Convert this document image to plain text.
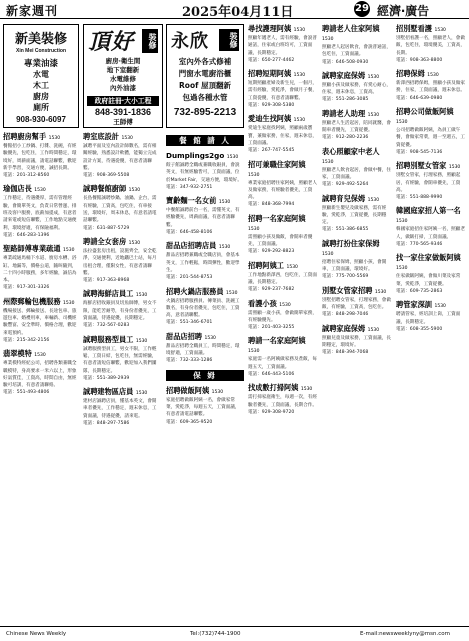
新家週刊	2025年04月11日	29 經濟‧廣告
新美裝修
Xin Mei Construction
專業油漆
水電
木工
廚房
廁所
908-930-6097
頂好	裝修
廚房‧衛生間
地下室翻新
水電維修
內外油漆
政府註冊‧大小工程
848-391-1836
王師傅
永欣	裝修
室內外各式修補
門窗水電廚浴櫃
Roof 屋頂翻新
包過各種水管
732-895-2213
招聘廚房幫手 1530
餐館招小工炒鍋、打雜、洗碗，有經驗優先，包吃住，工作時間穩定，環境好，周薪面議，請電話聯繫，歡迎新手學習，交通方便，誠招長期。
電話：201-312-8560
瑜伽店長 1530
工作穩定，待遇優厚，需有管理經驗，會簡單英文，負責日常營運、排班及客戶服務，底薪加提成，有意者請來電或短信聯繫，工作地點交通便利，環境舒適，有保險福利。
電話：646-283-1396
聖路師傅專業疏通 1530
專業疏通馬桶下水道、廚房水槽、浴缸、地漏等，價格公道，隨叫隨到，二十四小時服務，多年經驗，誠信為本。
電話：917-301-3326
州際郵輪包機服務 1530
機場接送、郵輪接送、長途包車、旅遊包車、婚禮用車，車輛新、司機經驗豐富、安全準時、價格合理，歡迎來電預約。
電話：215-342-2156
翡翠模特 1530
專業模特經紀公司，招聘各類兼職全職模特，身高要求一米六以上，形象好氣質佳，工資高，時間自由，無經驗可培訓，有意者請聯絡。
電話：551-493-4806
聘室底設計 1530
誠聘平面及室內設計師數名，需有相關經驗，熟悉設計軟體，能獨立完成設計方案，待遇從優，有意者請聯繫。
電話：908-369-5508
誠聘餐館廚師 1530
長島餐館誠聘炒鍋、油鍋、企台，需有經驗，工資高，包吃住，有車接送，環境好，周末休息，有意者請電話聯繫。
電話：631-887-5729
聘請全女套房 1530
法拉盛套房出租，設施齊全，安全乾淨，交通便利，近地鐵巴士站，每月房租合理，僅限女性，有意者請聯繫。
電話：917-363-8968
誠聘海鮮店員工 1530
海鮮店招收銀員及切魚師傅，男女不限，能吃苦耐勞，有身份者優先，工資面議，待遇從優，長期穩定。
電話：732-567-0283
誠聘服務型員工 1530
誠聘服務型員工，男女不限，工作輕鬆，工資日結，包吃住，無需經驗，有意者請短信聯繫，歡迎加入我們團隊，長期穩定。
電話：551-389-2939
誠聘建物區店員 1530
建材店誠聘店員，懂基本英文，會開車者優先，工作穩定，週末休息，工資面議，待遇從優，請來電。
電話：848-297-7586
餐 館 請 人
Dumplings2go 1530
餃子館誠聘全職或兼職收銀員，會說英文，有無經驗皆可，工資面議，位於Market Fair，交通方便，環境好。
電話：347-932-2751
寶齡麵一名女前 1530
中餐館誠聘前台一名，需懂英文，有經驗優先，周薪面議，有意者請聯繫。
電話：646-458-8106
甜品店招聘店員 1530
甜品店招聘兼職或全職店員，會基本英文，工作輕鬆，時間彈性，歡迎學生。
電話：201-544-8753
招聘火鍋店服務員 1530
火鍋店招聘服務員、傳菜員、洗碗工數名，有身份者優先，包吃住，工資高，意者請聯繫。
電話：551-346-6701
甜品店招聘 1530
甜品店招聘全職員工，時間穩定，環境舒適，工資面議。
電話：732-333-1286
保 姆
招聘做飯阿姨 1530
家庭招聘做飯阿姨一名，會做家常菜，愛乾淨，每週五天，工資面議，有意者請電話聯繫。
電話：609-365-9520
尋找護理阿姨 1530
照顧年邁老人，需有經驗，會說普通話，住家或白班均可，工資面議，長期穩定。
電話：650-277-4462
招聘短期阿姨 1530
短期照顧產婦及新生兒，一個月，需有經驗，愛乾淨，會做月子餐，工資從優，有意者請聯繫。
電話：929-308-5380
愛迪生找阿姨 1530
愛迪生家庭找阿姨，照顧兩歲寶寶，兼做家務，住家，週末休息，工資面議。
電話：267-747-5545
招可兼職住家阿姨 1530
專業家庭招聘住家阿姨，照顧老人及做家務，有經驗者優先，工資高。
電話：848-368-7994
招聘一名家庭阿姨 1530
需照顧小孩及做飯，會開車者優先，工資面議。
電話：929-292-8823
招聘阿姨工 1530
工作地點新澤西，包吃住，工資面議，長期穩定。
電話：929-237-7682
看護小孩 1530
需照顧一歲小孩，會做簡單家務，有經驗優先。
電話：201-403-3255
聘請一名家庭阿姨 1530
家庭需一名阿姨做家務及煮飯，每週五天，工資面議。
電話：646-443-5106
找成數打掃阿姨 1530
需打掃家庭衛生，每週一次，有經驗者優先，工資面議，長期合作。
電話：929-308-9720
聘請老人住家阿姨 1530
照顧老人起居飲食，會說普通話，包吃住，工資面議。
電話：646-508-0930
誠聘家庭保姆 1530
照顧小孩及做家務，有愛心耐心，住家，週末休息，工資高。
電話：551-286-3085
聘請老人助理 1530
照顧老人生活起居，陪同就醫，會開車者優先，工資從優。
電話：912-280-2236
表心照顧家中老人 1530
照顧老人飲食起居，會做中餐，住家，工資面議。
電話：929-492-5264
誠聘育兒保姆 1530
照顧新生嬰兒及做家務，需有經驗，愛乾淨，工資從優，長期穩定。
電話：551-386-6855
誠聘打扮住家保姆 1530
招聘住家保姆，照顧小孩，會開車，工資面議，環境好。
電話：775-700-5569
別墅女管家招聘 1530
別墅招聘女管家，打理家務，會做飯，有經驗，工資高，包吃住。
電話：848-298-7046
誠聘家庭保姆 1530
照顧兒童及做家務，工資面議，長期穩定，環境好。
電話：848-394-7068
招別墅看護 1530
別墅招看護一名，照顧老人，會做飯，包吃住，環境優美，工資高，長期。
電話：908-363-8800
招聘保姆 1530
新澤西招聘保姆，照顧小孩及做家務，住家，工資面議，週末休息。
電話：646-639-0980
招聘公司做飯阿姨 1530
公司招聘做飯阿姨，為員工做午餐，會做家常菜，週一至週五，工資從優。
電話：908-545-7136
招聘別墅女管家 1530
別墅女管家，打理家務，照顧起居，有經驗，會開車優先，工資高。
電話：551-888-9990
韓國庭家招人第一名 1530
韓國家庭招住家阿姨一名，照顧老人，做飯打掃，工資面議。
電話：770-565-9346
找一家住家做飯阿姨 1530
住家做飯阿姨，會做川菜及家常菜，愛乾淨，工資從優。
電話：609-735-2863
聘管家深訓 1530
聘請管家，經培訓上崗，工資面議，長期穩定。
電話：608-355-5900
Chinese News Weekly	Tel:(732)744-1900	E-mail:newsweeklyny@msn.com
